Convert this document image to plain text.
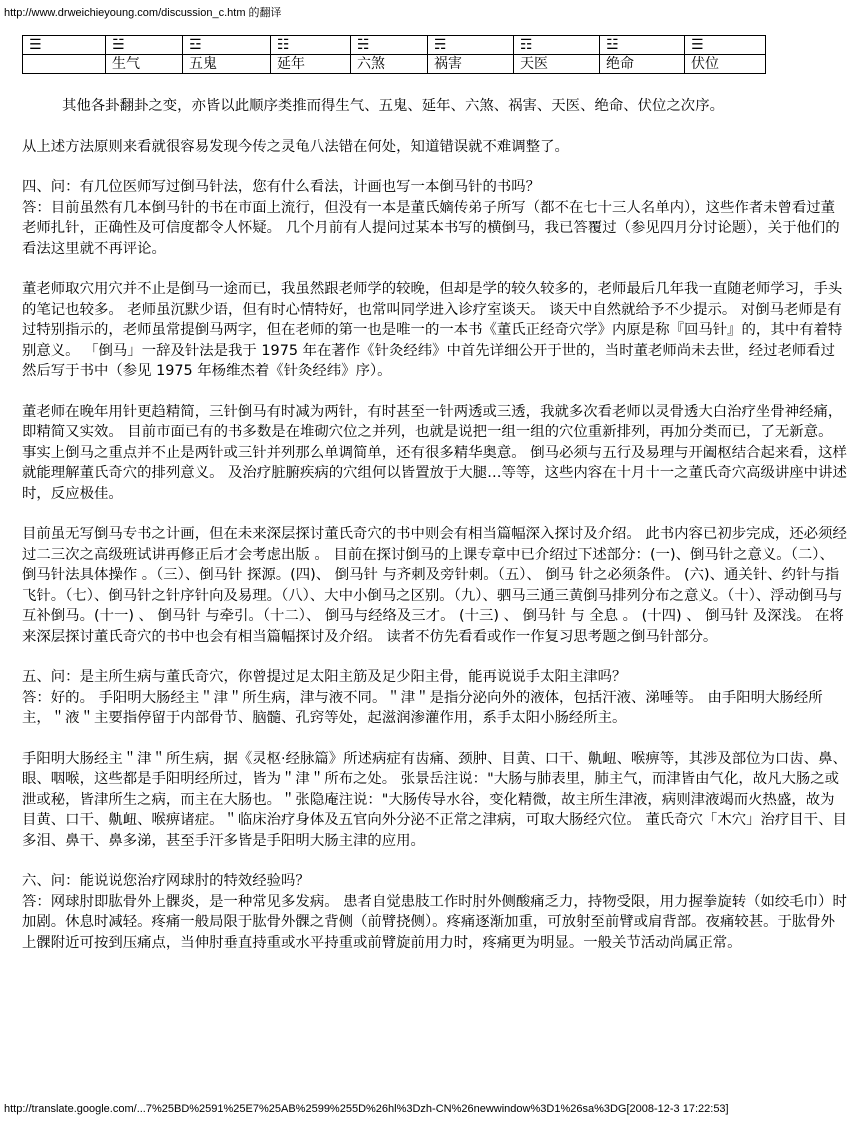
http://www.drweichieyoung.com/discussion_c.htm 的翻译
☰	☱	☲	☷	☵	☴	☶	☳	☰
	生气	五鬼	延年	六煞	祸害	天医	绝命	伏位

其他各卦翻卦之变，亦皆以此顺序类推而得生气、五鬼、延年、六煞、祸害、天医、绝命、伏位之次序。

从上述方法原则来看就很容易发现今传之灵龟八法错在何处，知道错误就不难调整了。

四、问：有几位医师写过倒马针法，您有什么看法，计画也写一本倒马针的书吗？
答：目前虽然有几本倒马针的书在市面上流行，但没有一本是董氏嫡传弟子所写（都不在七十三人名单内），这些作者未曾看过董老师扎针，正确性及可信度都令人怀疑。 几个月前有人提问过某本书写的横倒马，我已答覆过（参见四月分讨论题），关于他们的看法这里就不再评论。

董老师取穴用穴并不止是倒马一途而已，我虽然跟老师学的较晚，但却是学的较久较多的，老师最后几年我一直随老师学习，手头的笔记也较多。 老师虽沉默少语，但有时心情特好，也常叫同学进入诊疗室谈天。 谈天中自然就给予不少提示。 对倒马老师是有过特别指示的，老师虽常提倒马两字，但在老师的第一也是唯一的一本书《董氏正经奇穴学》内原是称『回马针』的，其中有着特别意义。 「倒马」一辞及针法是我于 1975 年在著作《针灸经纬》中首先详细公开于世的，当时董老师尚未去世，经过老师看过然后写于书中（参见 1975 年杨维杰着《针灸经纬》序）。

董老师在晚年用针更趋精简，三针倒马有时减为两针，有时甚至一针两透或三透，我就多次看老师以灵骨透大白治疗坐骨神经痛，即精简又实效。 目前市面已有的书多数是在堆砌穴位之并列，也就是说把一组一组的穴位重新排列，再加分类而已，了无新意。 事实上倒马之重点并不止是两针或三针并列那么单调简单，还有很多精华奥意。 倒马必须与五行及易理与开阖枢结合起来看，这样就能理解董氏奇穴的排列意义。 及治疗脏腑疾病的穴组何以皆置放于大腿…等等，这些内容在十月十一之董氏奇穴高级讲座中讲述时，反应极佳。

目前虽无写倒马专书之计画，但在未来深层探讨董氏奇穴的书中则会有相当篇幅深入探讨及介绍。 此书内容已初步完成，还必须经过二三次之高级班试讲再修正后才会考虑出版 。 目前在探讨倒马的上课专章中已介绍过下述部分：(一)、倒马针之意义。（二）、 倒马针法具体操作 。（三）、倒马针 探源。(四)、 倒马针 与齐刺及旁针刺。（五）、 倒马 针之必须条件。 (六)、通关针、约针与指飞针。（七）、倒马针之针序针向及易理。（八）、大中小倒马之区别。（九）、驷马三通三黄倒马排列分布之意义。（十）、浮动倒马与互补倒马。(十一) 、 倒马针 与牵引。（十二）、 倒马与经络及三才。 (十三) 、 倒马针 与 全息 。 (十四) 、 倒马针 及深浅。 在将来深层探讨董氏奇穴的书中也会有相当篇幅探讨及介绍。 读者不仿先看看或作一作复习思考题之倒马针部分。

五、问：是主所生病与董氏奇穴，你曾提过足太阳主筋及足少阳主骨，能再说说手太阳主津吗？
答：好的。 手阳明大肠经主＂津＂所生病，津与液不同。＂津＂是指分泌向外的液体，包括汗液、涕唾等。 由手阳明大肠经所主，＂液＂主要指停留于内部骨节、脑髓、孔窍等处，起滋润渗灌作用，系手太阳小肠经所主。

手阳明大肠经主＂津＂所生病，据《灵枢·经脉篇》所述病症有齿痛、颈肿、目黄、口干、鼽衄、喉痹等，其涉及部位为口齿、鼻、眼、咽喉，这些都是手阳明经所过，皆为＂津＂所布之处。 张景岳注说："大肠与肺表里，肺主气，而津皆由气化，故凡大肠之或泄或秘，皆津所生之病，而主在大肠也。＂张隐庵注说："大肠传导水谷，变化精微，故主所生津液，病则津液竭而火热盛，故为目黄、口干、鼽衄、喉痹诸症。＂临床治疗身体及五官向外分泌不正常之津病，可取大肠经穴位。 董氏奇穴「木穴」治疗目干、目多泪、鼻干、鼻多涕，甚至手汗多皆是手阳明大肠主津的应用。

六、问：能说说您治疗网球肘的特效经验吗？
答：网球肘即肱骨外上髁炎，是一种常见多发病。 患者自觉患肢工作时肘外侧酸痛乏力，持物受限，用力握拳旋转（如绞毛巾）时加剧。休息时减轻。疼痛一般局限于肱骨外髁之背侧（前臂挠侧）。疼痛逐渐加重，可放射至前臂或肩背部。夜痛较甚。于肱骨外上髁附近可按到压痛点，当伸肘垂直持重或水平持重或前臂旋前用力时，疼痛更为明显。一般关节活动尚属正常。

http://translate.google.com/...7%25BD%2591%25E7%25AB%2599%255D%26hl%3Dzh-CN%26newwindow%3D1%26sa%3DG[2008-12-3 17:22:53]
